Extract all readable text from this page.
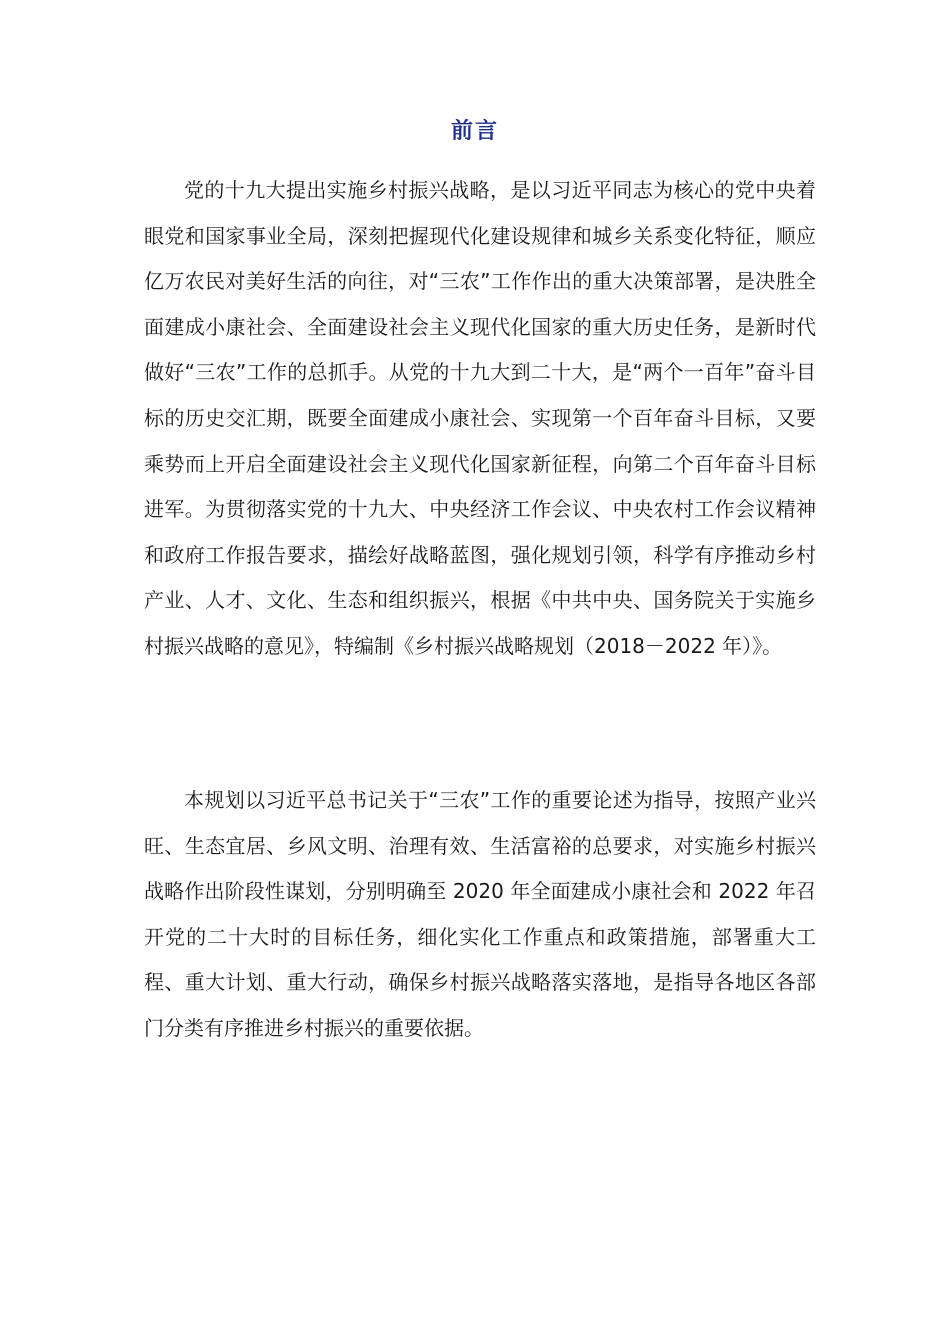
前言

党的十九大提出实施乡村振兴战略，是以习近平同志为核心的党中央着眼党和国家事业全局，深刻把握现代化建设规律和城乡关系变化特征，顺应亿万农民对美好生活的向往，对“三农”工作作出的重大决策部署，是决胜全面建成小康社会、全面建设社会主义现代化国家的重大历史任务，是新时代做好“三农”工作的总抓手。从党的十九大到二十大，是“两个一百年”奋斗目标的历史交汇期，既要全面建成小康社会、实现第一个百年奋斗目标，又要乘势而上开启全面建设社会主义现代化国家新征程，向第二个百年奋斗目标进军。为贯彻落实党的十九大、中央经济工作会议、中央农村工作会议精神和政府工作报告要求，描绘好战略蓝图，强化规划引领，科学有序推动乡村产业、人才、文化、生态和组织振兴，根据《中共中央、国务院关于实施乡村振兴战略的意见》，特编制《乡村振兴战略规划（2018－2022 年）》。

本规划以习近平总书记关于“三农”工作的重要论述为指导，按照产业兴旺、生态宜居、乡风文明、治理有效、生活富裕的总要求，对实施乡村振兴战略作出阶段性谋划，分别明确至 2020 年全面建成小康社会和 2022 年召开党的二十大时的目标任务，细化实化工作重点和政策措施，部署重大工程、重大计划、重大行动，确保乡村振兴战略落实落地，是指导各地区各部门分类有序推进乡村振兴的重要依据。
